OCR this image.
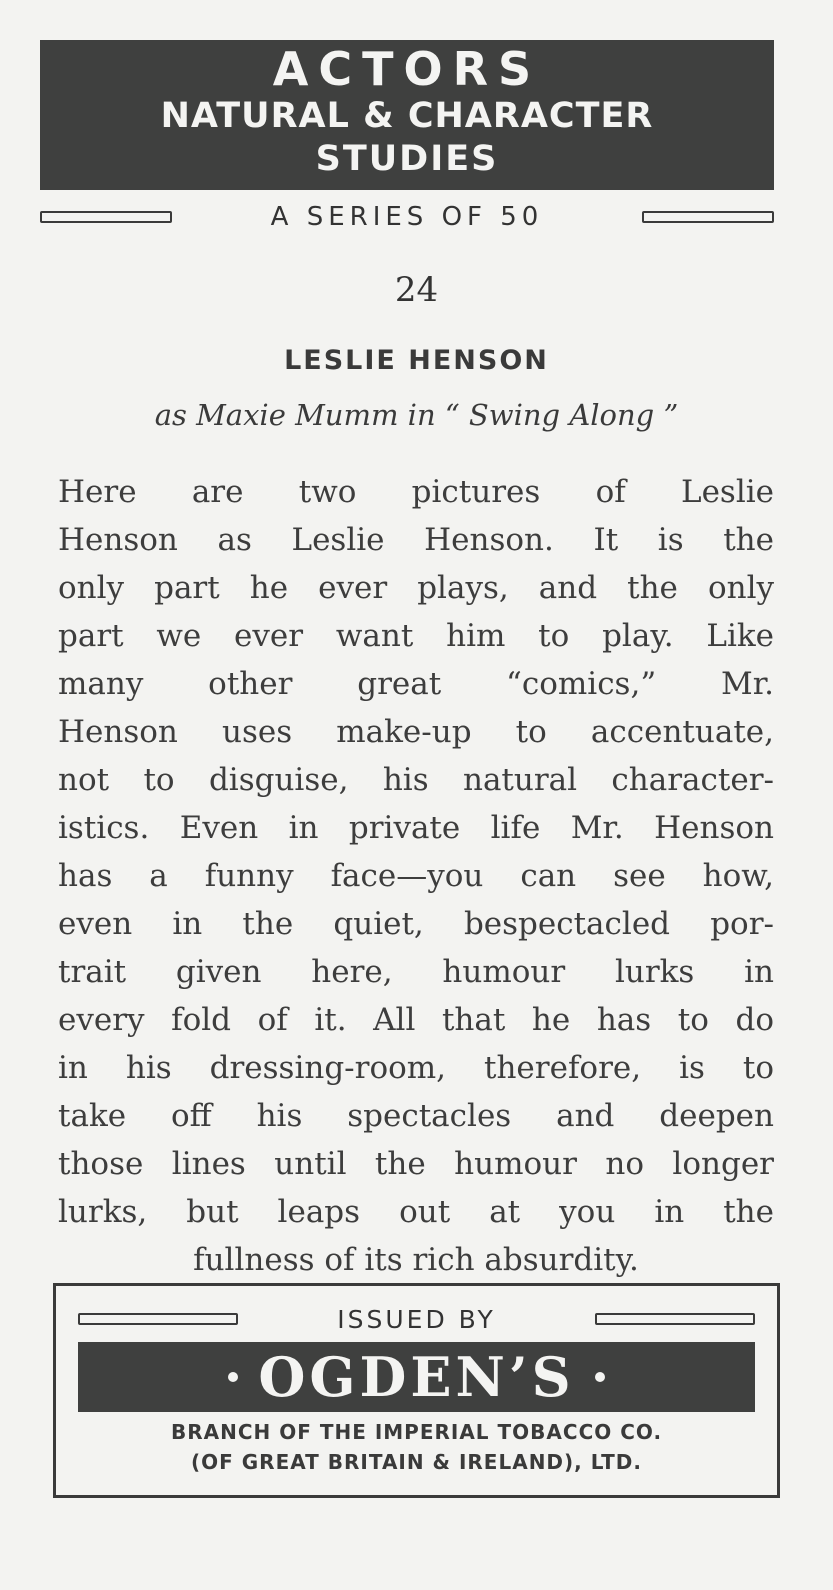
ACTORS
NATURAL & CHARACTER
STUDIES
A SERIES OF 50
24
LESLIE HENSON
as Maxie Mumm in “ Swing Along ”
Here are two pictures of Leslie
Henson as Leslie Henson. It is the
only part he ever plays, and the only
part we ever want him to play. Like
many other great “comics,” Mr.
Henson uses make-up to accentuate,
not to disguise, his natural character-
istics. Even in private life Mr. Henson
has a funny face—you can see how,
even in the quiet, bespectacled por-
trait given here, humour lurks in
every fold of it. All that he has to do
in his dressing-room, therefore, is to
take off his spectacles and deepen
those lines until the humour no longer
lurks, but leaps out at you in the
fullness of its rich absurdity.
ISSUED BY
OGDEN’S
BRANCH OF THE IMPERIAL TOBACCO CO.
(OF GREAT BRITAIN & IRELAND), LTD.
